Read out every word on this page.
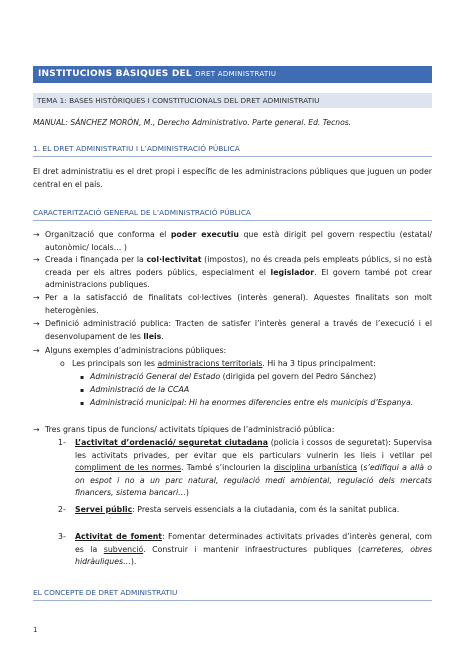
INSTITUCIONS BÀSIQUES DEL DRET ADMINISTRATIU
TEMA 1: BASES HISTÒRIQUES I CONSTITUCIONALS DEL DRET ADMINISTRATIU
MANUAL: SÁNCHEZ MORÓN, M., Derecho Administrativo. Parte general. Ed. Tecnos.
1. EL DRET ADMINISTRATIU I L’ADMINISTRACIÓ PÚBLICA
El dret administratiu es el dret propi i específic de les administracions públiques que juguen un poder central en el país.
CARACTERITZACIÓ GENERAL DE L’ADMINISTRACIÓ PÚBLICA
→ Organització que conforma el poder executiu que està dirigit pel govern respectiu (estatal/ autonòmic/ locals… )
→ Creada i finançada per la col·lectivitat (impostos), no és creada pels empleats públics, si no està creada per els altres poders públics, especialment el legislador. El govern també pot crear administracions publiques.
→ Per a la satisfacció de finalitats col·lectives (interès general). Aquestes finalitats son molt heterogènies.
→ Definició administració publica: Tracten de satisfer l’interès general a través de l’execució i el desenvolupament de les lleis.
→ Alguns exemples d’administracions públiques:
o Les principals son les administracions territorials. Hi ha 3 tipus principalment:
▪ Administració General del Estado (dirigida pel govern del Pedro Sánchez)
▪ Administració de la CCAA
▪ Administració municipal: Hi ha enormes diferencies entre els municipis d’Espanya.
→ Tres grans tipus de funcions/ activitats típiques de l’administració pública:
1-	L’activitat d’ordenació/ seguretat ciutadana (policia i cossos de seguretat): Supervisa les activitats privades, per evitar que els particulars vulnerin les lleis i vetllar pel compliment de les normes. També s’inclourien la disciplina urbanística (s’edifiqui a allà o on espot i no a un parc natural, regulació medi ambiental, regulació dels mercats financers, sistema bancari…)
2-	Servei públic: Presta serveis essencials a la ciutadania, com és la sanitat publica.
3-	Activitat de foment: Fomentar determinades activitats privades d’interès general, com es la subvenció. Construir i mantenir infraestructures publiques (carreteres, obres hidràuliques…).
EL CONCEPTE DE DRET ADMINISTRATIU
1
